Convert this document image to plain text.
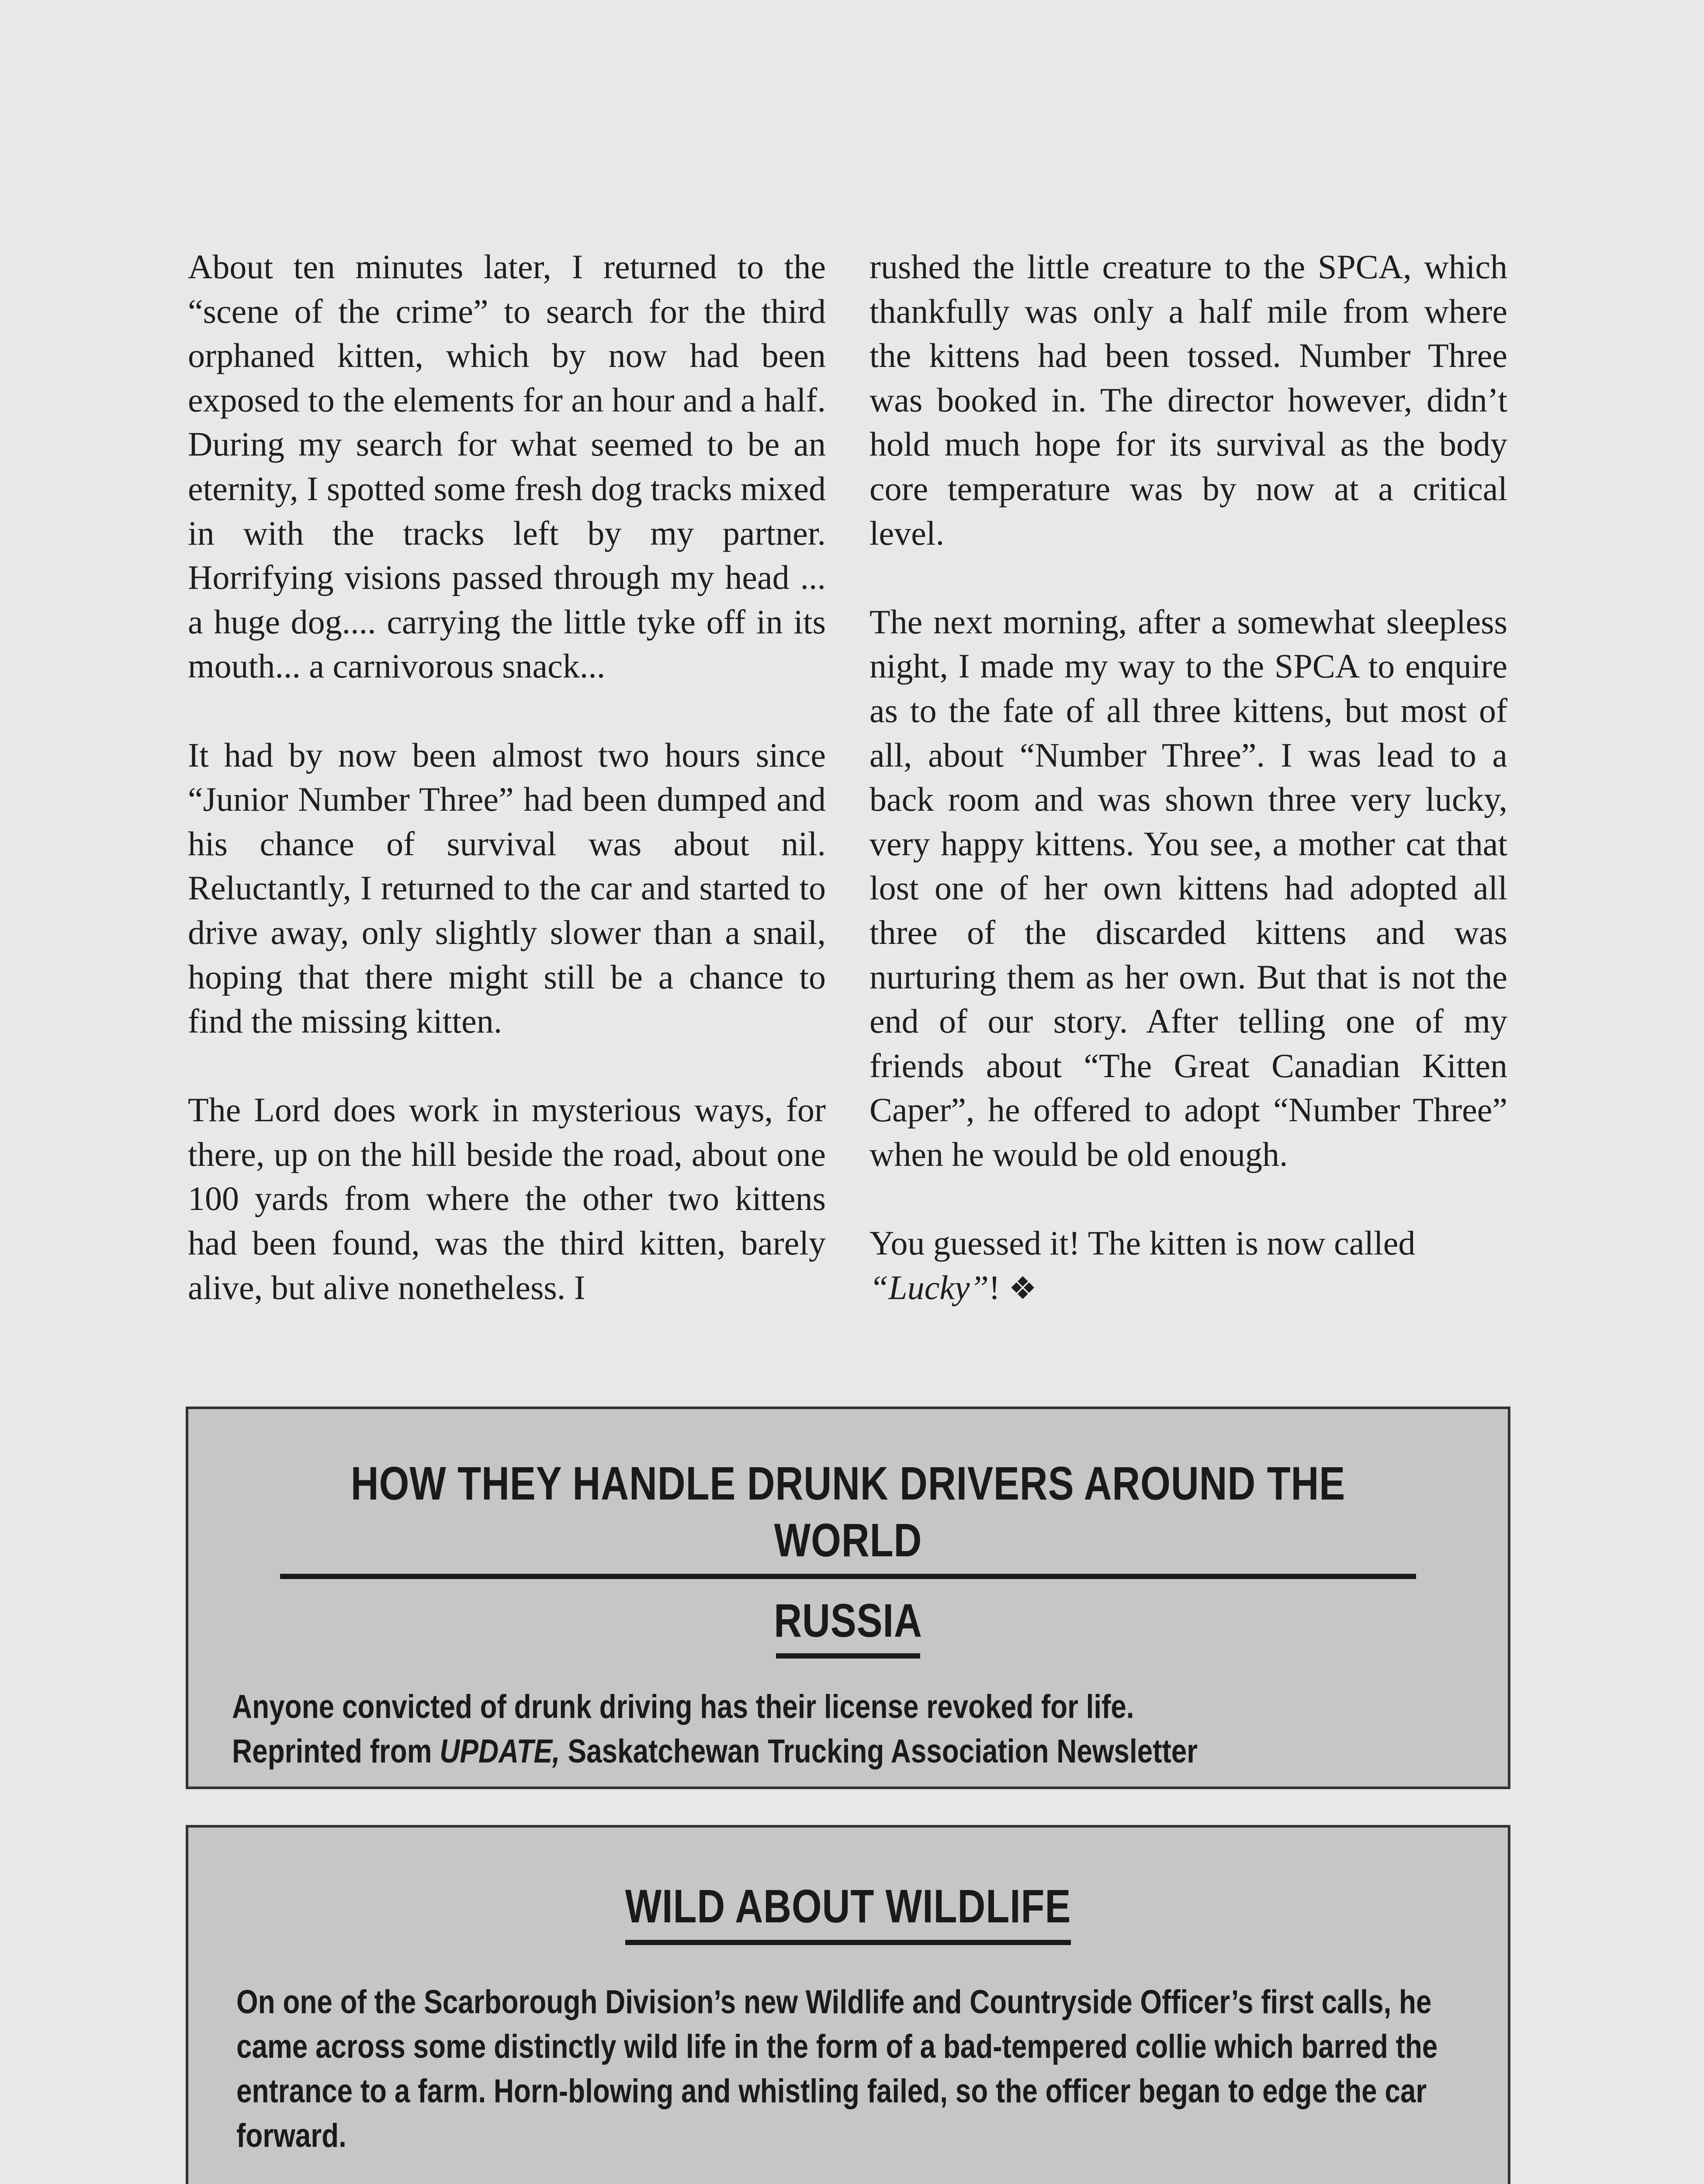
About ten minutes later, I returned to the “scene of the crime” to search for the third orphaned kitten, which by now had been exposed to the elements for an hour and a half. During my search for what seemed to be an eternity, I spotted some fresh dog tracks mixed in with the tracks left by my partner. Horrifying visions passed through my head ... a huge dog.... carrying the little tyke off in its mouth... a carnivorous snack...

It had by now been almost two hours since “Junior Number Three” had been dumped and his chance of survival was about nil. Reluctantly, I returned to the car and started to drive away, only slightly slower than a snail, hoping that there might still be a chance to find the missing kitten.

The Lord does work in mysterious ways, for there, up on the hill beside the road, about one 100 yards from where the other two kittens had been found, was the third kitten, barely alive, but alive nonetheless. I

rushed the little creature to the SPCA, which thankfully was only a half mile from where the kittens had been tossed. Number Three was booked in. The director however, didn’t hold much hope for its survival as the body core temperature was by now at a critical level.

The next morning, after a somewhat sleepless night, I made my way to the SPCA to enquire as to the fate of all three kittens, but most of all, about “Number Three”. I was lead to a back room and was shown three very lucky, very happy kittens. You see, a mother cat that lost one of her own kittens had adopted all three of the discarded kittens and was nurturing them as her own. But that is not the end of our story. After telling one of my friends about “The Great Canadian Kitten Caper”, he offered to adopt “Number Three” when he would be old enough.

You guessed it! The kitten is now called “Lucky”! ❖

HOW THEY HANDLE DRUNK DRIVERS AROUND THE WORLD
RUSSIA
Anyone convicted of drunk driving has their license revoked for life.
Reprinted from UPDATE, Saskatchewan Trucking Association Newsletter
WILD ABOUT WILDLIFE

On one of the Scarborough Division’s new Wildlife and Countryside Officer’s first calls, he came across some distinctly wild life in the form of a bad-tempered collie which barred the entrance to a farm. Horn-blowing and whistling failed, so the officer began to edge the car forward.
